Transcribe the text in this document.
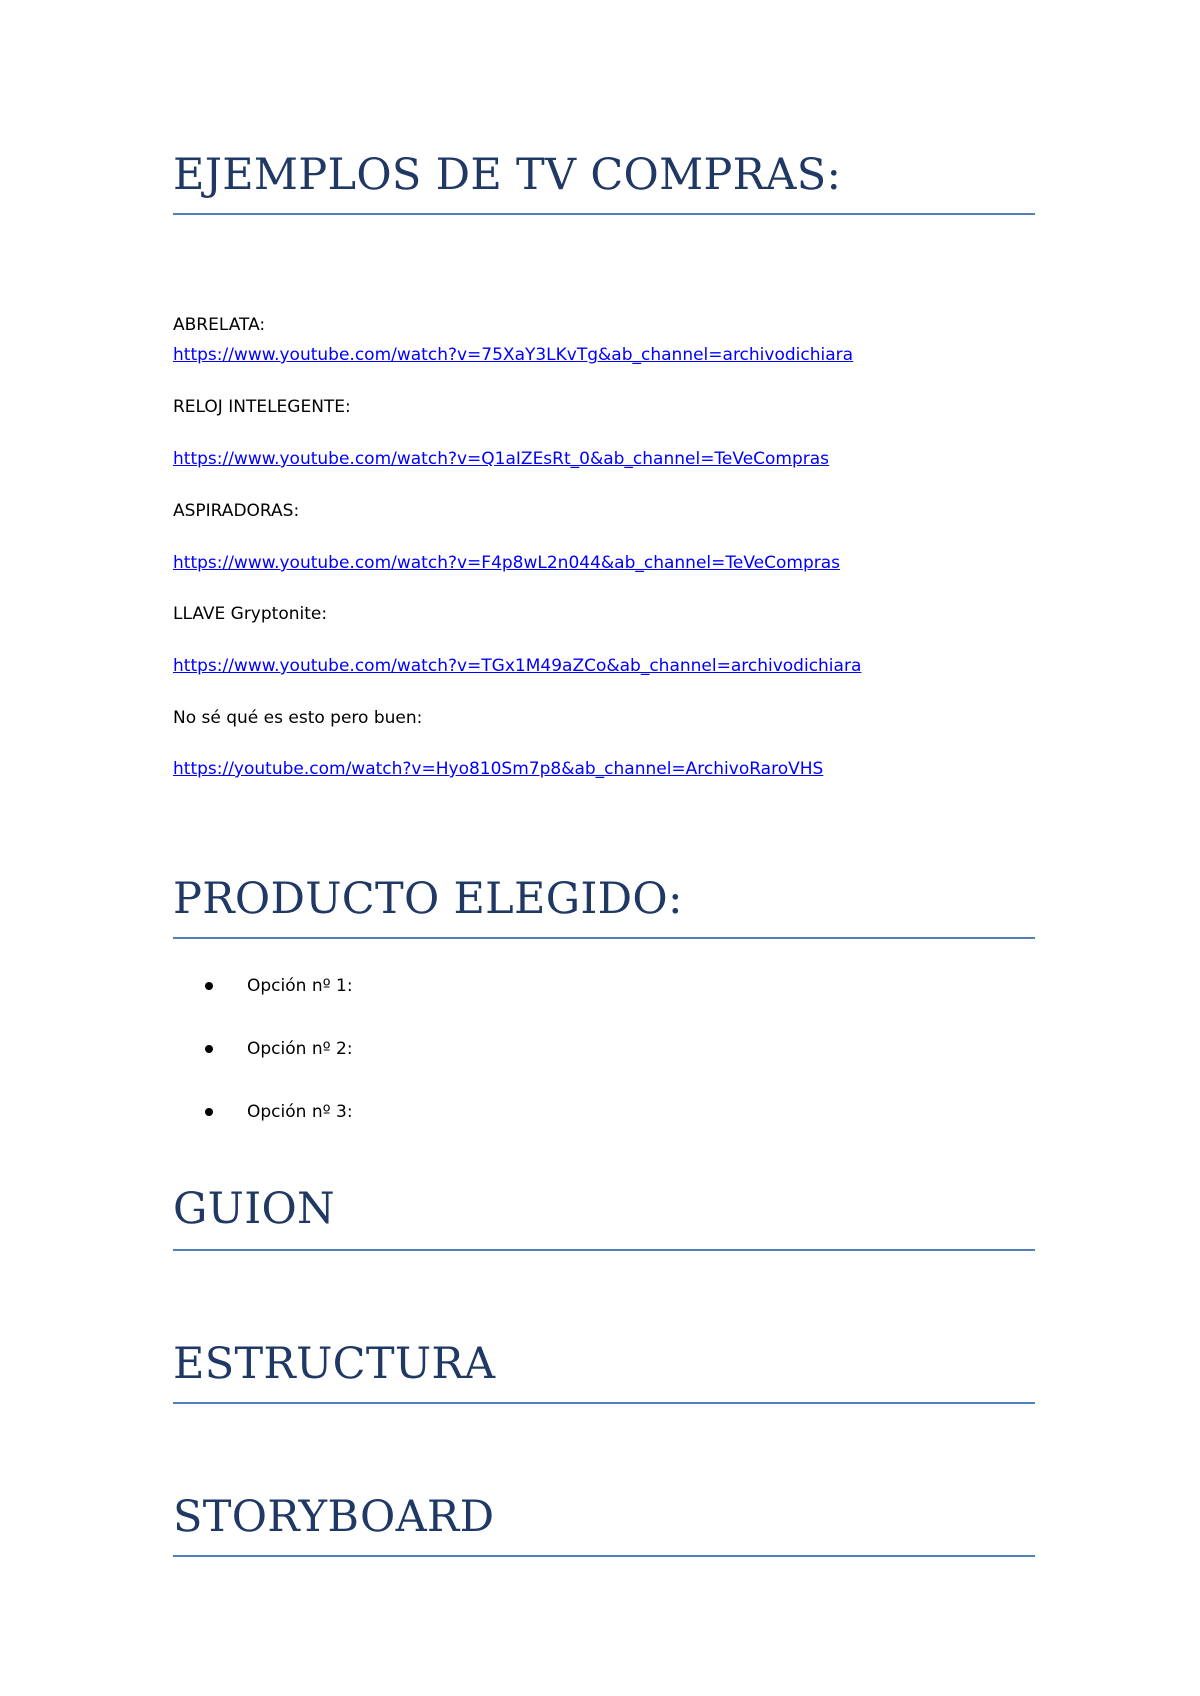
EJEMPLOS DE TV COMPRAS:
ABRELATA:
https://www.youtube.com/watch?v=75XaY3LKvTg&ab_channel=archivodichiara
RELOJ INTELEGENTE:
https://www.youtube.com/watch?v=Q1aIZEsRt_0&ab_channel=TeVeCompras
ASPIRADORAS:
https://www.youtube.com/watch?v=F4p8wL2n044&ab_channel=TeVeCompras
LLAVE Gryptonite:
https://www.youtube.com/watch?v=TGx1M49aZCo&ab_channel=archivodichiara
No sé qué es esto pero buen:
https://youtube.com/watch?v=Hyo810Sm7p8&ab_channel=ArchivoRaroVHS
PRODUCTO ELEGIDO:
Opción nº 1:
Opción nº 2:
Opción nº 3:
GUION
ESTRUCTURA
STORYBOARD
